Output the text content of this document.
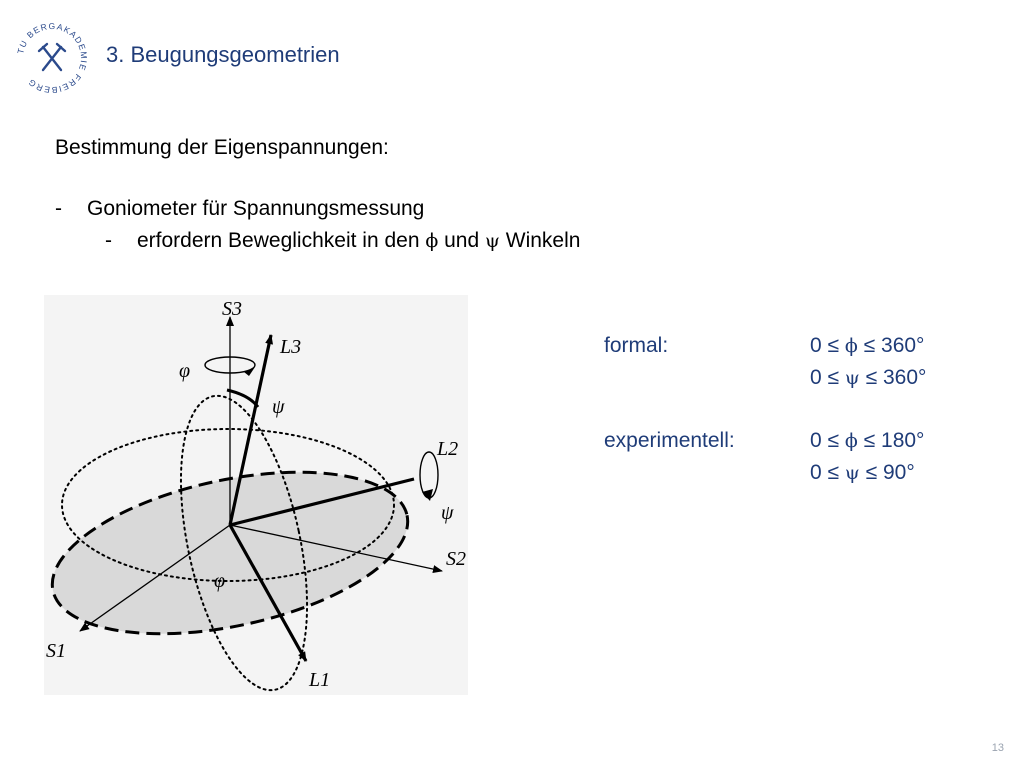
TU BERGAKADEMIE FREIBERG
3. Beugungsgeometrien
Bestimmung der Eigenspannungen:
- Goniometer für Spannungsmessung
- erfordern Beweglichkeit in den ϕ und ψ Winkeln
S3
L3
L2
S2
S1
L1
φ
ψ
ψ
φ
formal:	0 ≤ ϕ ≤ 360°
0 ≤ ψ ≤ 360°
experimentell:	0 ≤ ϕ ≤ 180°
0 ≤ ψ ≤ 90°
13
